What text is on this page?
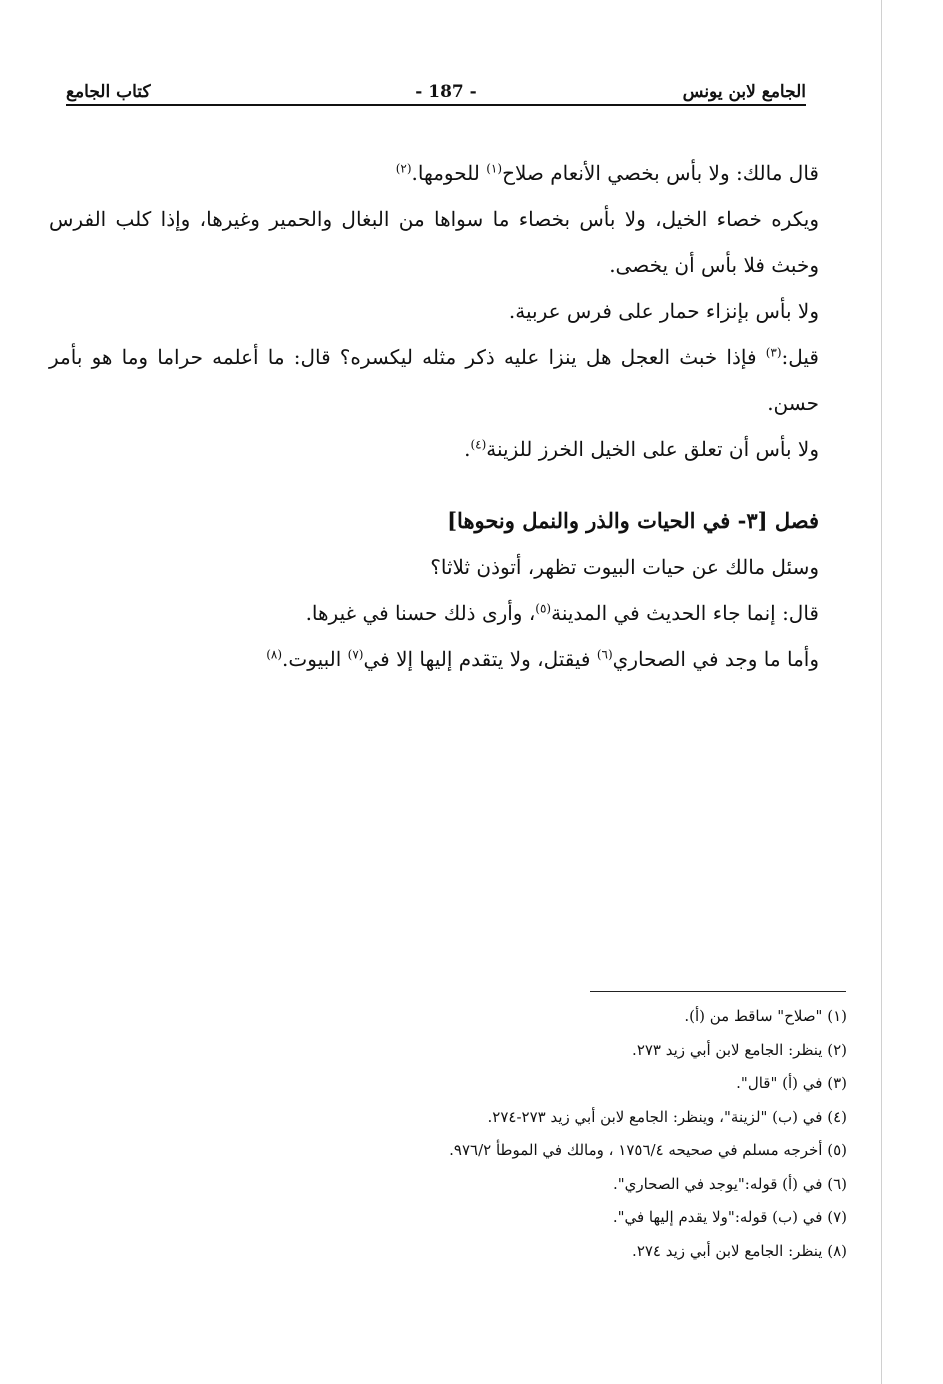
كتاب الجامع	- 187 -	الجامع لابن يونس

قال مالك: ولا بأس بخصي الأنعام صلاح$^{(١)}$ للحومها.$^{(٢)}$

ويكره خصاء الخيل، ولا بأس بخصاء ما سواها من البغال والحمير وغيرها، وإذا كلب الفرس وخبث فلا بأس أن يخصى.

ولا بأس بإنزاء حمار على فرس عربية.

قيل:$^{(٣)}$ فإذا خبث العجل هل ينزا عليه ذكر مثله ليكسره؟ قال: ما أعلمه حراما وما هو بأمر حسن.

ولا بأس أن تعلق على الخيل الخرز للزينة$^{(٤)}$.

فصل [٣- في الحيات والذر والنمل ونحوها]

وسئل مالك عن حيات البيوت تظهر، أتوذن ثلاثا؟

قال: إنما جاء الحديث في المدينة$^{(٥)}$، وأرى ذلك حسنا في غيرها.

وأما ما وجد في الصحاري$^{(٦)}$ فيقتل، ولا يتقدم إليها إلا في$^{(٧)}$ البيوت.$^{(٨)}$

(١) "صلاح" ساقط من (أ).

(٢) ينظر: الجامع لابن أبي زيد ٢٧٣.

(٣) في (أ) "قال".

(٤) في (ب) "لزينة"، وينظر: الجامع لابن أبي زيد ٢٧٣-٢٧٤.

(٥) أخرجه مسلم في صحيحه ١٧٥٦/٤ ، ومالك في الموطأ ٩٧٦/٢.

(٦) في (أ) قوله:"يوجد في الصحاري".

(٧) في (ب) قوله:"ولا يقدم إليها في".

(٨) ينظر: الجامع لابن أبي زيد ٢٧٤.
